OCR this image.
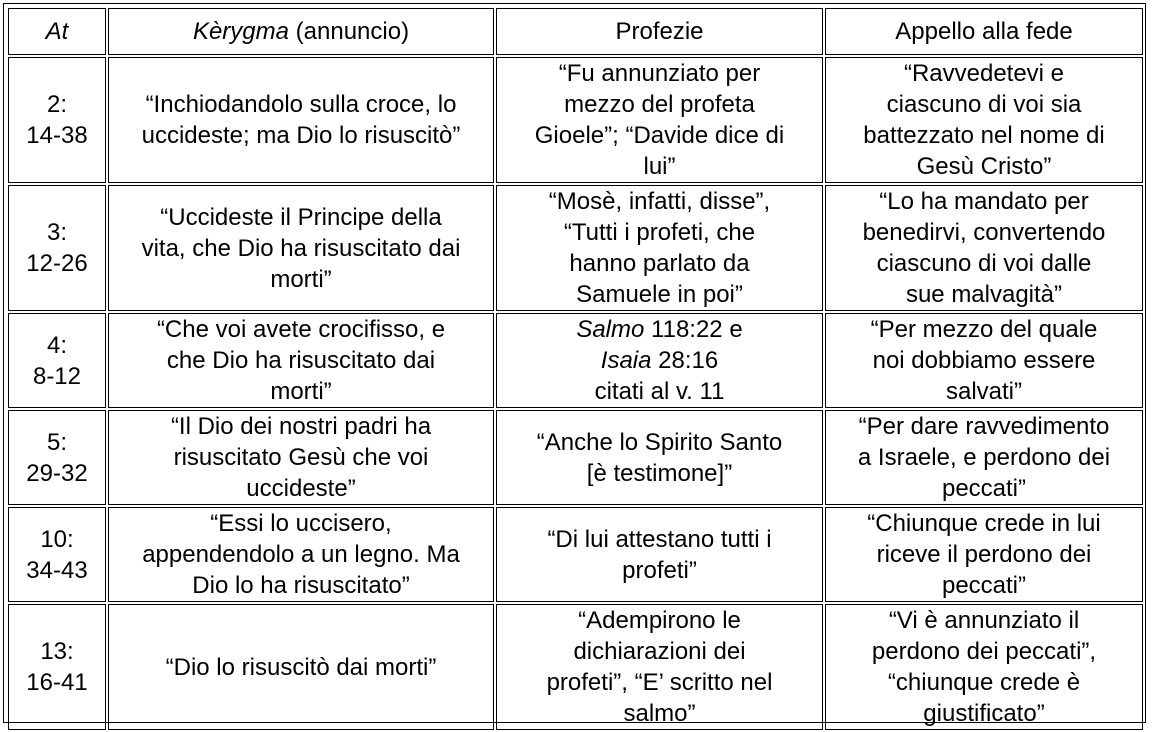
At	Kèrygma (annuncio)	Profezie	Appello alla fede

2:
14-38	“Inchiodandolo sulla croce, lo
uccideste; ma Dio lo risuscitò”	“Fu annunziato per
mezzo del profeta
Gioele”; “Davide dice di
lui”	“Ravvedetevi e
ciascuno di voi sia
battezzato nel nome di
Gesù Cristo”

3:
12-26	“Uccideste il Principe della
vita, che Dio ha risuscitato dai
morti”	“Mosè, infatti, disse”,
“Tutti i profeti, che
hanno parlato da
Samuele in poi”	“Lo ha mandato per
benedirvi, convertendo
ciascuno di voi dalle
sue malvagità”

4:
8-12	“Che voi avete crocifisso, e
che Dio ha risuscitato dai
morti”	Salmo 118:22 e
Isaia 28:16
citati al v. 11	“Per mezzo del quale
noi dobbiamo essere
salvati”

5:
29-32	“Il Dio dei nostri padri ha
risuscitato Gesù che voi
uccideste”	“Anche lo Spirito Santo
[è testimone]”	“Per dare ravvedimento
a Israele, e perdono dei
peccati”

10:
34-43	“Essi lo uccisero,
appendendolo a un legno. Ma
Dio lo ha risuscitato”	“Di lui attestano tutti i
profeti”	“Chiunque crede in lui
riceve il perdono dei
peccati”

13:
16-41	“Dio lo risuscitò dai morti”	“Adempirono le
dichiarazioni dei
profeti”, “E’ scritto nel
salmo”	“Vi è annunziato il
perdono dei peccati”,
“chiunque crede è
giustificato”
